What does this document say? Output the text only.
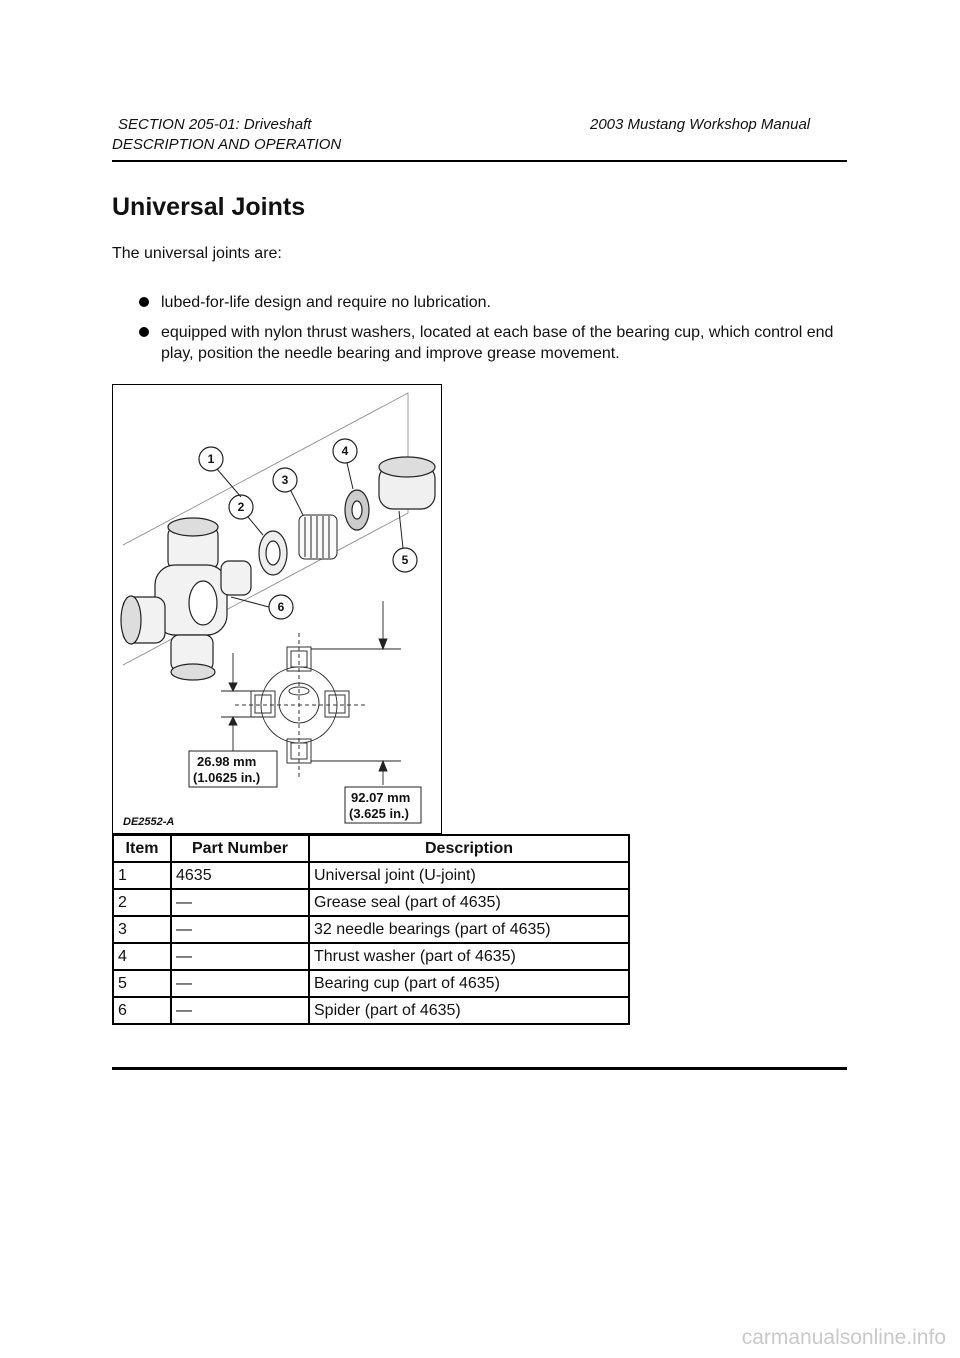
SECTION 205-01: Driveshaft	2003 Mustang Workshop Manual
DESCRIPTION AND OPERATION
Universal Joints
The universal joints are:
lubed-for-life design and require no lubrication.
equipped with nylon thrust washers, located at each base of the bearing cup, which control end play, position the needle bearing and improve grease movement.
1
2
3
4
5
6
26.98 mm
(1.0625 in.)
92.07 mm
(3.625 in.)
DE2552-A
Item	Part Number	Description
1	4635	Universal joint (U-joint)
2	—	Grease seal (part of 4635)
3	—	32 needle bearings (part of 4635)
4	—	Thrust washer (part of 4635)
5	—	Bearing cup (part of 4635)
6	—	Spider (part of 4635)
carmanualsonline.info
